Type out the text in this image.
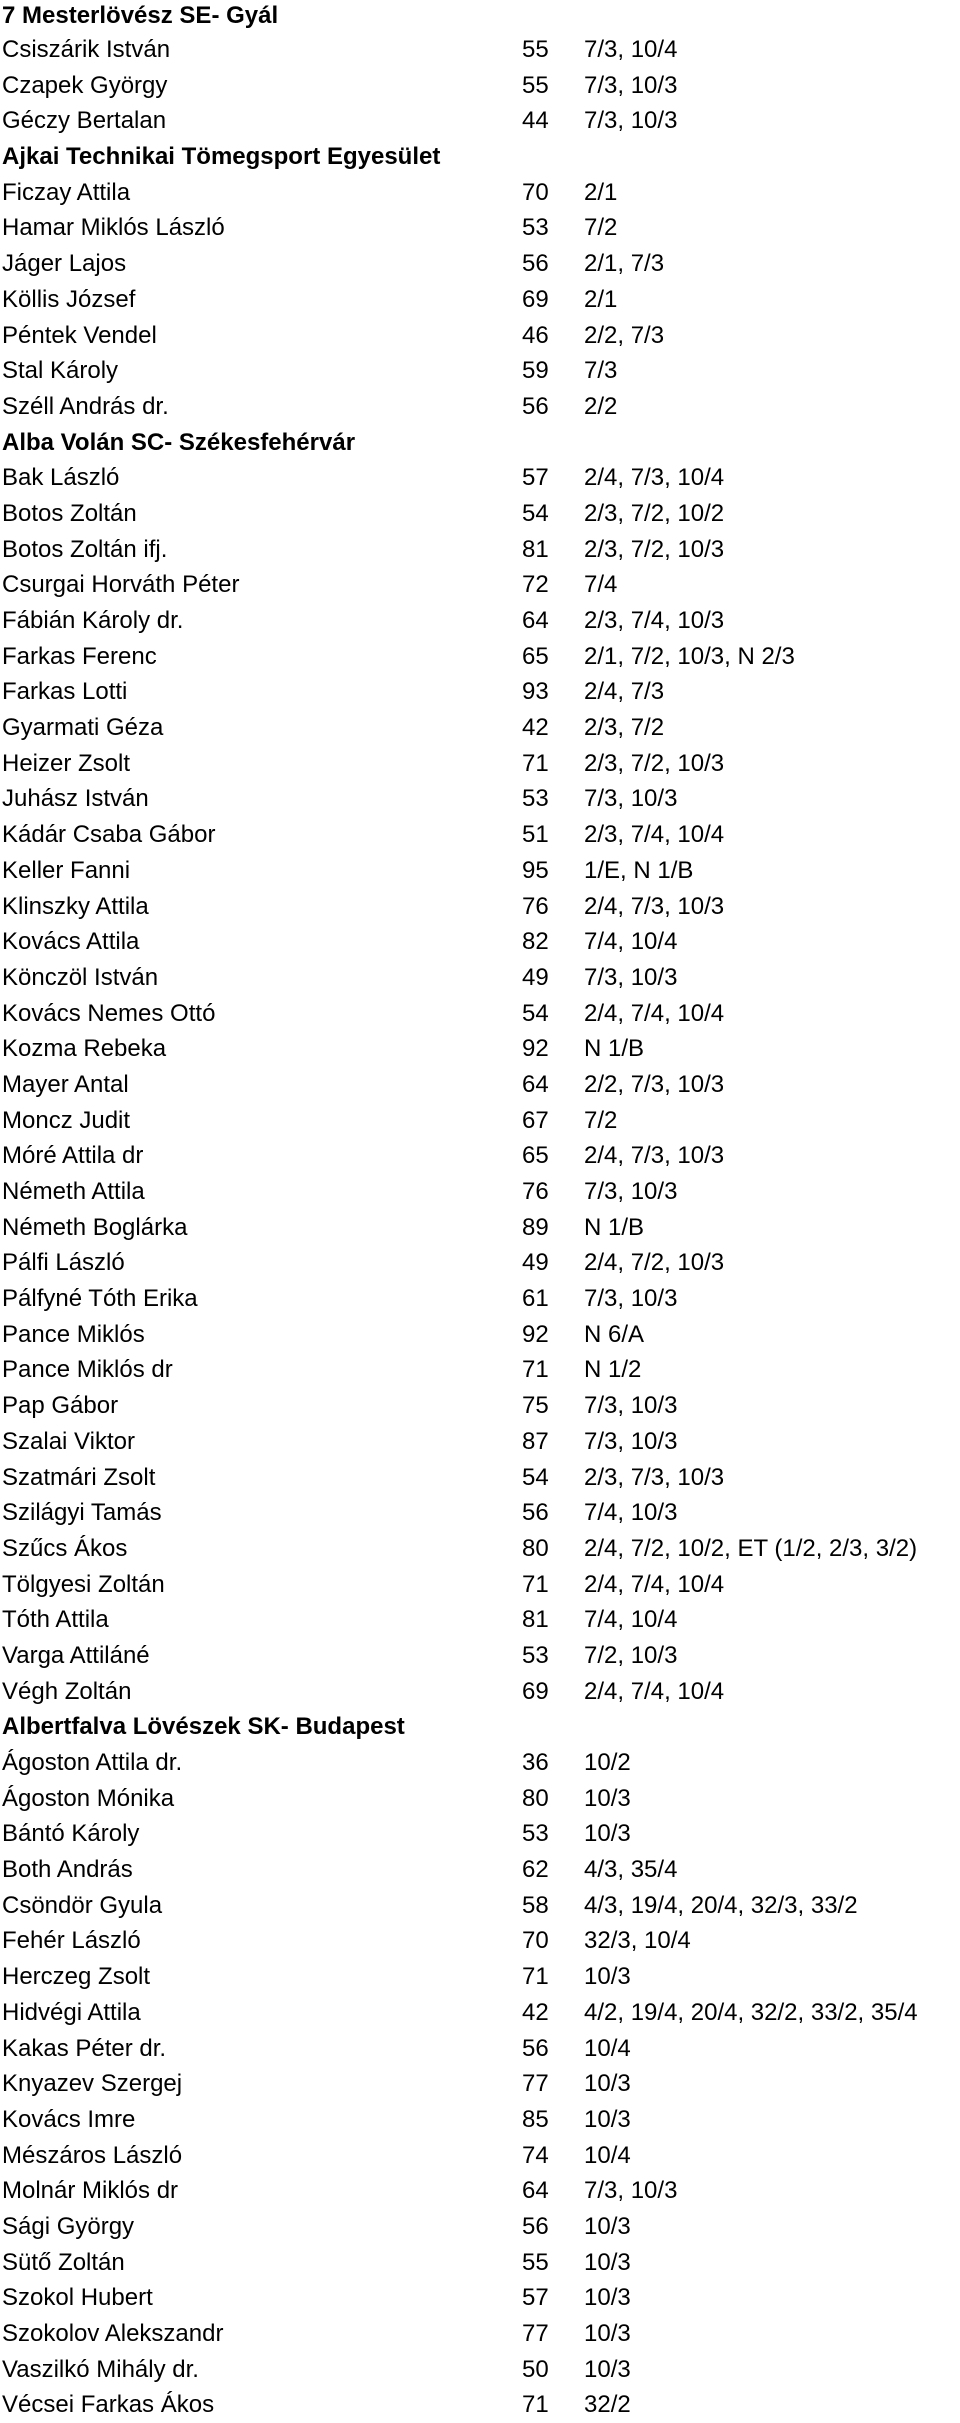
7 Mesterlövész SE- Gyál
Csiszárik István	55	7/3, 10/4
Czapek György	55	7/3, 10/3
Géczy Bertalan	44	7/3, 10/3
Ajkai Technikai Tömegsport Egyesület
Ficzay Attila	70	2/1
Hamar Miklós László	53	7/2
Jáger Lajos	56	2/1, 7/3
Köllis József	69	2/1
Péntek Vendel	46	2/2, 7/3
Stal Károly	59	7/3
Széll András dr.	56	2/2
Alba Volán SC- Székesfehérvár
Bak László	57	2/4, 7/3, 10/4
Botos Zoltán	54	2/3, 7/2, 10/2
Botos Zoltán ifj.	81	2/3, 7/2, 10/3
Csurgai Horváth Péter	72	7/4
Fábián Károly dr.	64	2/3, 7/4, 10/3
Farkas Ferenc	65	2/1, 7/2, 10/3, N 2/3
Farkas Lotti	93	2/4, 7/3
Gyarmati Géza	42	2/3, 7/2
Heizer Zsolt	71	2/3, 7/2, 10/3
Juhász István	53	7/3, 10/3
Kádár Csaba Gábor	51	2/3, 7/4, 10/4
Keller Fanni	95	1/E, N 1/B
Klinszky Attila	76	2/4, 7/3, 10/3
Kovács Attila	82	7/4, 10/4
Könczöl István	49	7/3, 10/3
Kovács Nemes Ottó	54	2/4, 7/4, 10/4
Kozma Rebeka	92	N 1/B
Mayer Antal	64	2/2, 7/3, 10/3
Moncz Judit	67	7/2
Móré Attila dr	65	2/4, 7/3, 10/3
Németh Attila	76	7/3, 10/3
Németh Boglárka	89	N 1/B
Pálfi László	49	2/4, 7/2, 10/3
Pálfyné Tóth Erika	61	7/3, 10/3
Pance Miklós	92	N 6/A
Pance Miklós dr	71	N 1/2
Pap Gábor	75	7/3, 10/3
Szalai Viktor	87	7/3, 10/3
Szatmári Zsolt	54	2/3, 7/3, 10/3
Szilágyi Tamás	56	7/4, 10/3
Szűcs Ákos	80	2/4, 7/2, 10/2, ET (1/2, 2/3, 3/2)
Tölgyesi Zoltán	71	2/4, 7/4, 10/4
Tóth Attila	81	7/4, 10/4
Varga Attiláné	53	7/2, 10/3
Végh Zoltán	69	2/4, 7/4, 10/4
Albertfalva Lövészek SK- Budapest
Ágoston Attila dr.	36	10/2
Ágoston Mónika	80	10/3
Bántó Károly	53	10/3
Both András	62	4/3, 35/4
Csöndör Gyula	58	4/3, 19/4, 20/4, 32/3, 33/2
Fehér László	70	32/3, 10/4
Herczeg Zsolt	71	10/3
Hidvégi Attila	42	4/2, 19/4, 20/4, 32/2, 33/2, 35/4
Kakas Péter dr.	56	10/4
Knyazev Szergej	77	10/3
Kovács Imre	85	10/3
Mészáros László	74	10/4
Molnár Miklós dr	64	7/3, 10/3
Sági György	56	10/3
Sütő Zoltán	55	10/3
Szokol Hubert	57	10/3
Szokolov Alekszandr	77	10/3
Vaszilkó Mihály dr.	50	10/3
Vécsei Farkas Ákos	71	32/2
